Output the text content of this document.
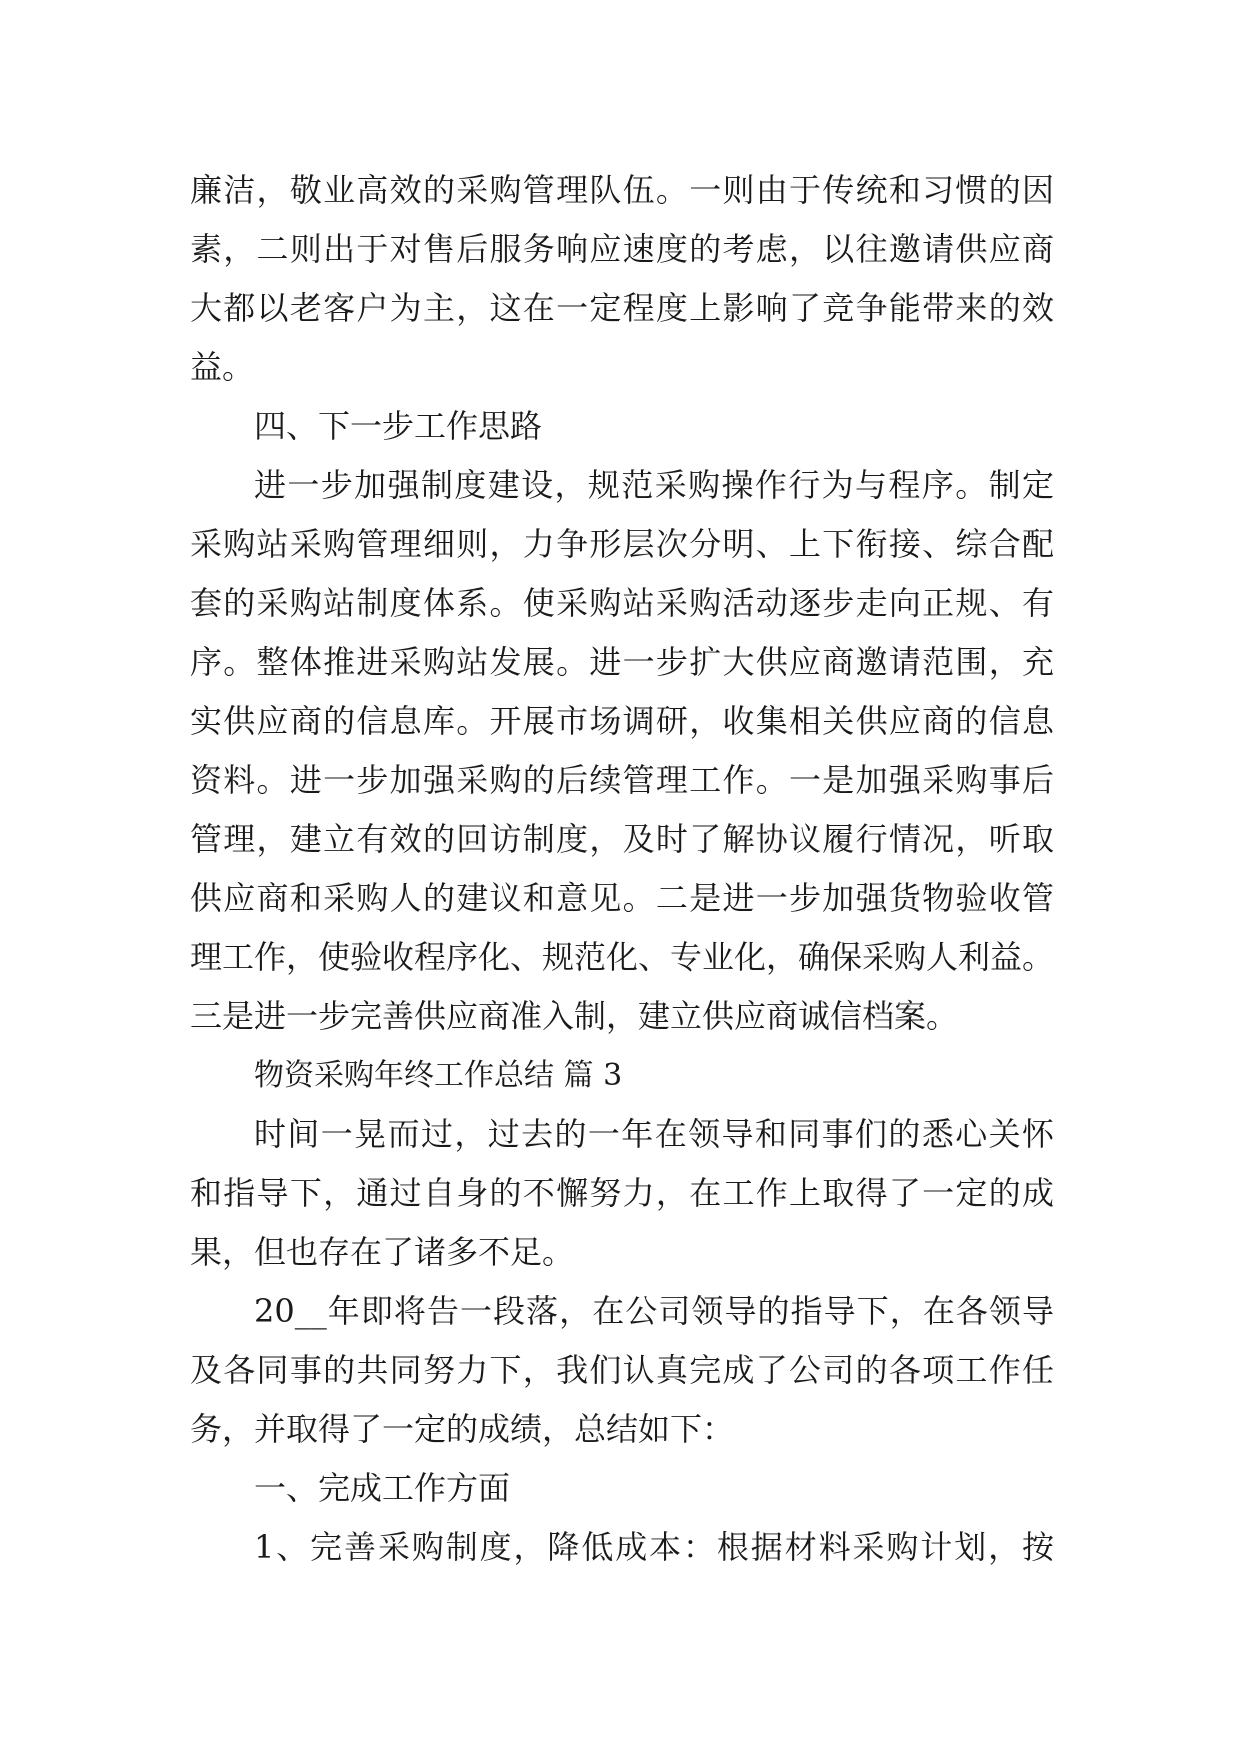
廉洁，敬业高效的采购管理队伍。一则由于传统和习惯的因
素，二则出于对售后服务响应速度的考虑，以往邀请供应商
大都以老客户为主，这在一定程度上影响了竞争能带来的效
益。
四、下一步工作思路
进一步加强制度建设，规范采购操作行为与程序。制定
采购站采购管理细则，力争形层次分明、上下衔接、综合配
套的采购站制度体系。使采购站采购活动逐步走向正规、有
序。整体推进采购站发展。进一步扩大供应商邀请范围，充
实供应商的信息库。开展市场调研，收集相关供应商的信息
资料。进一步加强采购的后续管理工作。一是加强采购事后
管理，建立有效的回访制度，及时了解协议履行情况，听取
供应商和采购人的建议和意见。二是进一步加强货物验收管
理工作，使验收程序化、规范化、专业化，确保采购人利益。
三是进一步完善供应商准入制，建立供应商诚信档案。
物资采购年终工作总结 篇 3
时间一晃而过，过去的一年在领导和同事们的悉心关怀
和指导下，通过自身的不懈努力，在工作上取得了一定的成
果，但也存在了诸多不足。
20__年即将告一段落，在公司领导的指导下，在各领导
及各同事的共同努力下，我们认真完成了公司的各项工作任
务，并取得了一定的成绩，总结如下：
一、完成工作方面
1、完善采购制度，降低成本：根据材料采购计划，按
